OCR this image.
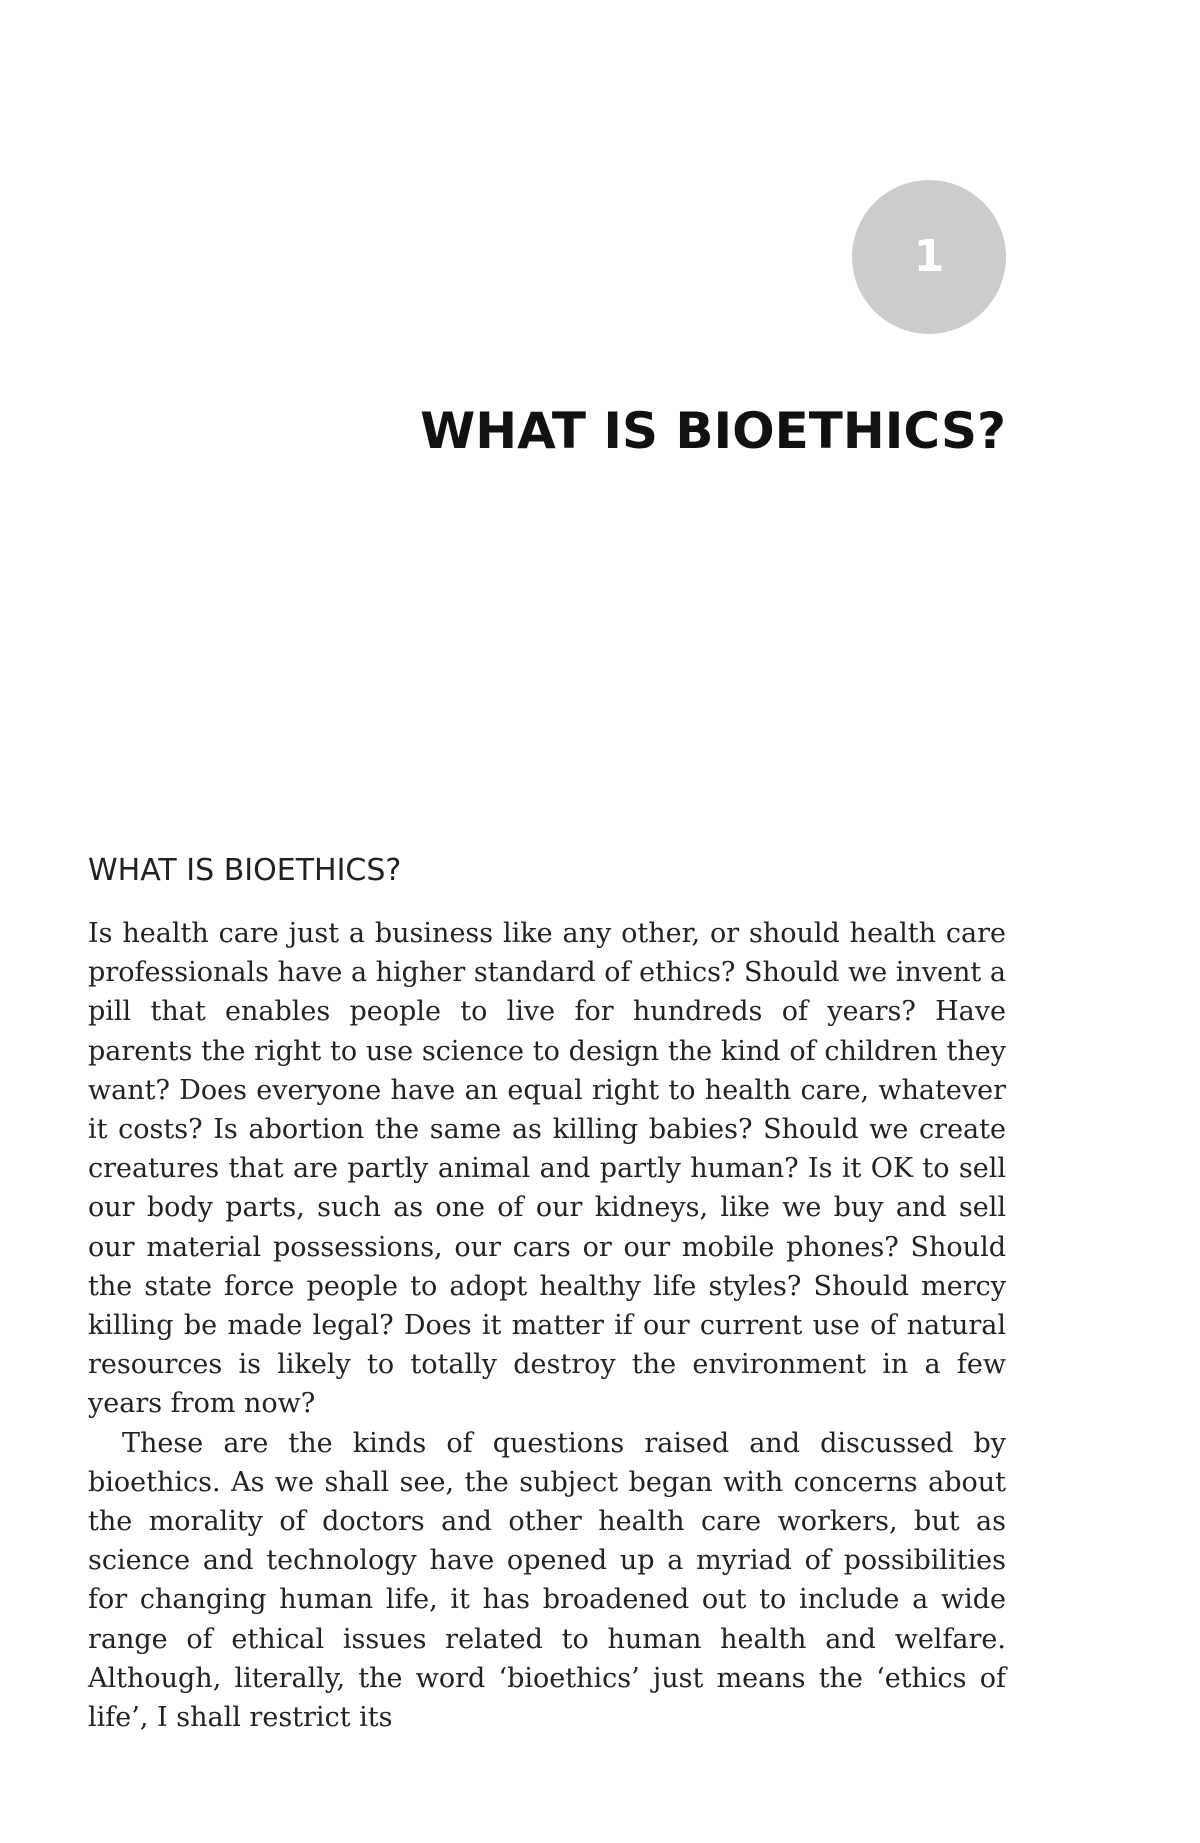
1
WHAT IS BIOETHICS?
WHAT IS BIOETHICS?

Is health care just a business like any other, or should health care professionals have a higher standard of ethics? Should we invent a pill that enables people to live for hundreds of years? Have parents the right to use science to design the kind of children they want? Does everyone have an equal right to health care, whatever it costs? Is abortion the same as killing babies? Should we create creatures that are partly animal and partly human? Is it OK to sell our body parts, such as one of our kidneys, like we buy and sell our material possessions, our cars or our mobile phones? Should the state force people to adopt healthy life styles? Should mercy killing be made legal? Does it matter if our current use of natural resources is likely to totally destroy the environment in a few years from now?

These are the kinds of questions raised and discussed by bioethics. As we shall see, the subject began with concerns about the morality of doctors and other health care workers, but as science and technology have opened up a myriad of possibilities for changing human life, it has broadened out to include a wide range of ethical issues related to human health and welfare. Although, literally, the word ‘bioethics’ just means the ‘ethics of life’, I shall restrict its
